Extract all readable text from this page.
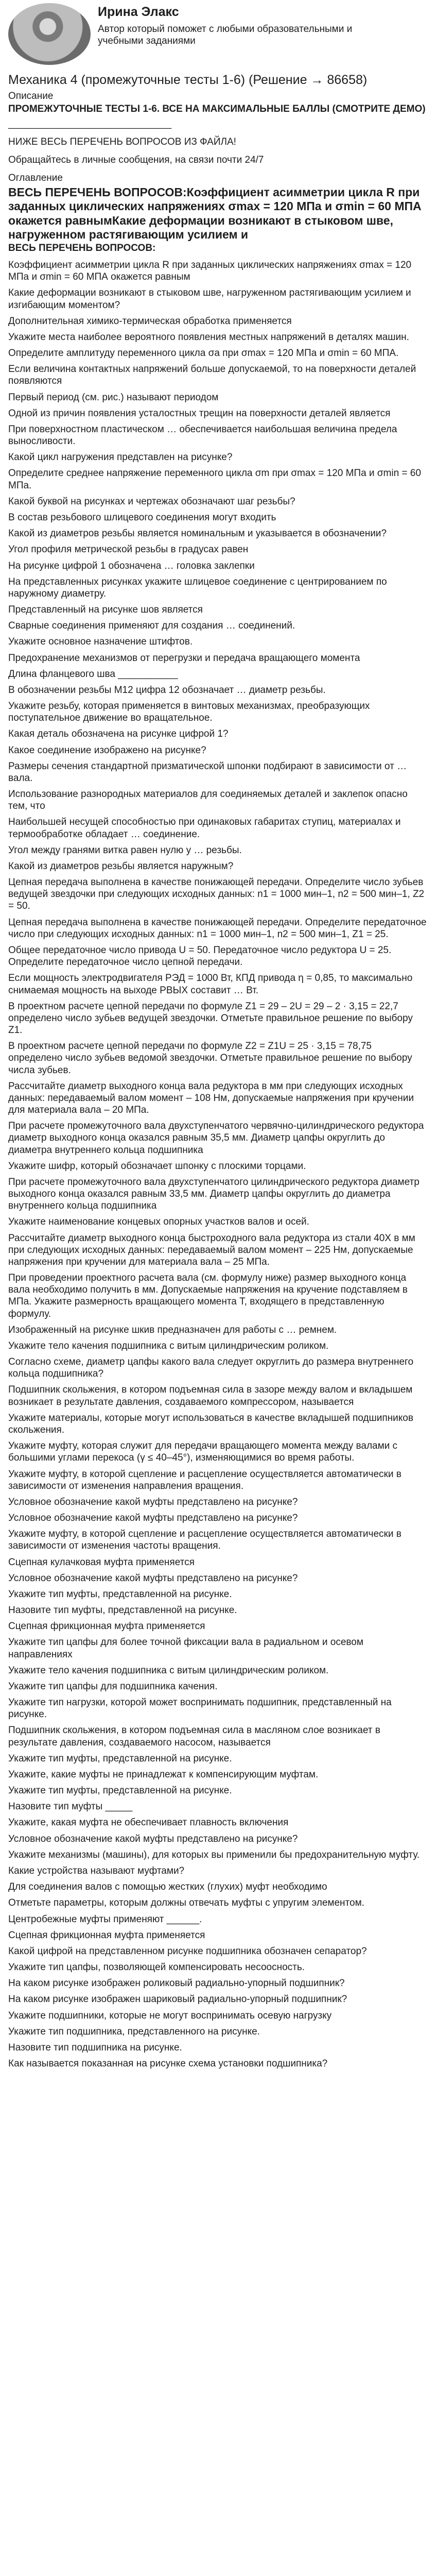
Ирина Элакс
Автор который поможет с любыми образовательными и учебными заданиями
Механика 4 (промежуточные тесты 1-6) (Решение → 86658)
Описание
ПРОМЕЖУТОЧНЫЕ ТЕСТЫ 1-6. ВСЕ НА МАКСИМАЛЬНЫЕ БАЛЛЫ (СМОТРИТЕ ДЕМО)
______________________________
НИЖЕ ВЕСЬ ПЕРЕЧЕНЬ ВОПРОСОВ ИЗ ФАЙЛА!
Обращайтесь в личные сообщения, на связи почти 24/7
Оглавление
ВЕСЬ ПЕРЕЧЕНЬ ВОПРОСОВ:Коэффициент асимметрии цикла R при заданных циклических напряжениях σmax = 120 МПа и σmin = 60 МПА окажется равнымКакие деформации возникают в стыковом шве, нагруженном растягивающим усилием и
ВЕСЬ ПЕРЕЧЕНЬ ВОПРОСОВ:
Коэффициент асимметрии цикла R при заданных циклических напряжениях σmax = 120 МПа и σmin = 60 МПА окажется равным
Какие деформации возникают в стыковом шве, нагруженном растягивающим усилием и изгибающим моментом?
Дополнительная химико-термическая обработка применяется
Укажите места наиболее вероятного появления местных напряжений в деталях машин.
Определите амплитуду переменного цикла σа при σmax = 120 МПа и σmin = 60 МПА.
Если величина контактных напряжений больше допускаемой, то на поверхности деталей появляются
Первый период (см. рис.) называют периодом
Одной из причин появления усталостных трещин на поверхности деталей является
При поверхностном пластическом … обеспечивается наибольшая величина предела выносливости.
Какой цикл нагружения представлен на рисунке?
Определите среднее напряжение переменного цикла σm при σmax = 120 МПа и σmin = 60 МПа.
Какой буквой на рисунках и чертежах обозначают шаг резьбы?
В состав резьбового шлицевого соединения могут входить
Какой из диаметров резьбы является номинальным и указывается в обозначении?
Угол профиля метрической резьбы в градусах равен
На рисунке цифрой 1 обозначена … головка заклепки
На представленных рисунках укажите шлицевое соединение с центрированием по наружному диаметру.
Представленный на рисунке шов является
Сварные соединения применяют для создания … соединений.
Укажите основное назначение штифтов.
Предохранение механизмов от перегрузки и передача вращающего момента
Длина фланцевого шва ___________
В обозначении резьбы М12 цифра 12 обозначает … диаметр резьбы.
Укажите резьбу, которая применяется в винтовых механизмах, преобразующих поступательное движение во вращательное.
Какая деталь обозначена на рисунке цифрой 1?
Какое соединение изображено на рисунке?
Размеры сечения стандартной призматической шпонки подбирают в зависимости от … вала.
Использование разнородных материалов для соединяемых деталей и заклепок опасно тем, что
Наибольшей несущей способностью при одинаковых габаритах ступиц, материалах и термообработке обладает … соединение.
Угол между гранями витка равен нулю у … резьбы.
Какой из диаметров резьбы является наружным?
Цепная передача выполнена в качестве понижающей передачи. Определите число зубьев ведущей звездочки при следующих исходных данных: n1 = 1000 мин–1, n2 = 500 мин–1, Z2 = 50.
Цепная передача выполнена в качестве понижающей передачи. Определите передаточное число при следующих исходных данных: n1 = 1000 мин–1, n2 = 500 мин–1, Z1 = 25.
Общее передаточное число привода U = 50. Передаточное число редуктора U = 25. Определите передаточное число цепной передачи.
Если мощность электродвигателя РЭД = 1000 Вт, КПД привода η = 0,85, то максимально снимаемая мощность на выходе РВЫХ составит … Вт.
В проектном расчете цепной передачи по формуле Z1 = 29 – 2U = 29 – 2 · 3,15 = 22,7 определено число зубьев ведущей звездочки. Отметьте правильное решение по выбору Z1.
В проектном расчете цепной передачи по формуле Z2 = Z1U = 25 · 3,15 = 78,75 определено число зубьев ведомой звездочки. Отметьте правильное решение по выбору числа зубьев.
Рассчитайте диаметр выходного конца вала редуктора в мм при следующих исходных данных: передаваемый валом момент – 108 Нм, допускаемые напряжения при кручении для материала вала – 20 МПа.
При расчете промежуточного вала двухступенчатого червячно-цилиндрического редуктора диаметр выходного конца оказался равным 35,5 мм. Диаметр цапфы округлить до диаметра внутреннего кольца подшипника
Укажите шифр, который обозначает шпонку с плоскими торцами.
При расчете промежуточного вала двухступенчатого цилиндрического редуктора диаметр выходного конца оказался равным 33,5 мм. Диаметр цапфы округлить до диаметра внутреннего кольца подшипника
Укажите наименование концевых опорных участков валов и осей.
Рассчитайте диаметр выходного конца быстроходного вала редуктора из стали 40Х в мм при следующих исходных данных: передаваемый валом момент – 225 Нм, допускаемые напряжения при кручении для материала вала – 25 МПа.
При проведении проектного расчета вала (см. формулу ниже) размер выходного конца вала необходимо получить в мм. Допускаемые напряжения на кручение подставляем в МПа. Укажите размерность вращающего момента Т, входящего в представленную формулу.
Изображенный на рисунке шкив предназначен для работы с … ремнем.
Укажите тело качения подшипника с витым цилиндрическим роликом.
Согласно схеме, диаметр цапфы какого вала следует округлить до размера внутреннего кольца подшипника?
Подшипник скольжения, в котором подъемная сила в зазоре между валом и вкладышем возникает в результате давления, создаваемого компрессором, называется
Укажите материалы, которые могут использоваться в качестве вкладышей подшипников скольжения.
Укажите муфту, которая служит для передачи вращающего момента между валами с большими углами перекоса (γ ≤ 40–45°), изменяющимися во время работы.
Укажите муфту, в которой сцепление и расцепление осуществляется автоматически в зависимости от изменения направления вращения.
Условное обозначение какой муфты представлено на рисунке?
Условное обозначение какой муфты представлено на рисунке?
Укажите муфту, в которой сцепление и расцепление осуществляется автоматически в зависимости от изменения частоты вращения.
Сцепная кулачковая муфта применяется
Условное обозначение какой муфты представлено на рисунке?
Укажите тип муфты, представленной на рисунке.
Назовите тип муфты, представленной на рисунке.
Сцепная фрикционная муфта применяется
Укажите тип цапфы для более точной фиксации вала в радиальном и осевом направлениях
Укажите тело качения подшипника с витым цилиндрическим роликом.
Укажите тип цапфы для подшипника качения.
Укажите тип нагрузки, которой может воспринимать подшипник, представленный на рисунке.
Подшипник скольжения, в котором подъемная сила в масляном слое возникает в результате давления, создаваемого насосом, называется
Укажите тип муфты, представленной на рисунке.
Укажите, какие муфты не принадлежат к компенсирующим муфтам.
Укажите тип муфты, представленной на рисунке.
Назовите тип муфты _____
Укажите, какая муфта не обеспечивает плавность включения
Условное обозначение какой муфты представлено на рисунке?
Укажите механизмы (машины), для которых вы применили бы предохранительную муфту.
Какие устройства называют муфтами?
Для соединения валов с помощью жестких (глухих) муфт необходимо
Отметьте параметры, которым должны отвечать муфты с упругим элементом.
Центробежные муфты применяют ______.
Сцепная фрикционная муфта применяется
Какой цифрой на представленном рисунке подшипника обозначен сепаратор?
Укажите тип цапфы, позволяющей компенсировать несоосность.
На каком рисунке изображен роликовый радиально-упорный подшипник?
На каком рисунке изображен шариковый радиально-упорный подшипник?
Укажите подшипники, которые не могут воспринимать осевую нагрузку
Укажите тип подшипника, представленного на рисунке.
Назовите тип подшипника на рисунке.
Как называется показанная на рисунке схема установки подшипника?
